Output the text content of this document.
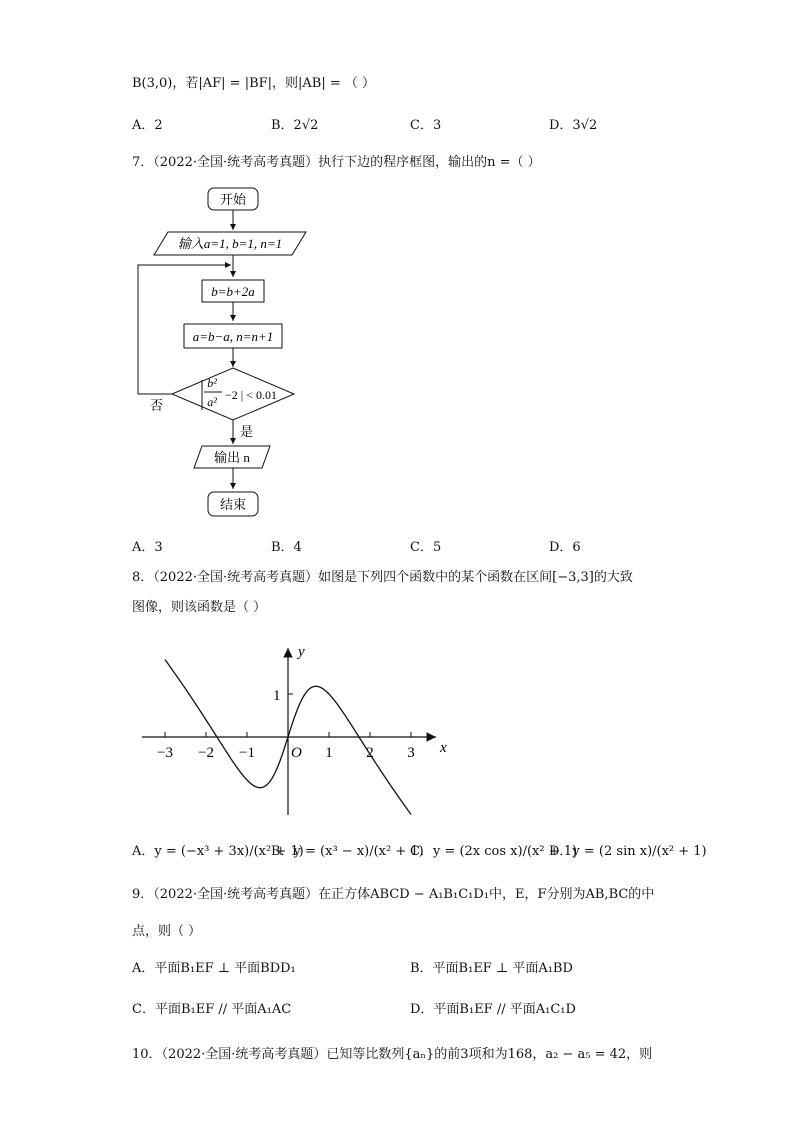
B(3,0)，若|AF| = |BF|，则|AB| = （ ）
A．2	B．2√2	C．3	D．3√2
7．（2022·全国·统考高考真题）执行下边的程序框图，输出的n =（ ）
开始
输入a=1, b=1, n=1
b=b+2a
a=b−a, n=n+1
b²
a² −2 | < 0.01
否
是
输出 n
结束
A．3	B．4	C．5	D．6
8．（2022·全国·统考高考真题）如图是下列四个函数中的某个函数在区间[−3,3]的大致
图像，则该函数是（ ）
y
x
O
1
−3 −2 −1	1 2 3
A．y = (−x³ + 3x)/(x² + 1)
B．y = (x³ − x)/(x² + 1)
C．y = (2x cos x)/(x² + 1)
D．y = (2 sin x)/(x² + 1)
9．（2022·全国·统考高考真题）在正方体ABCD − A₁B₁C₁D₁中，E，F分别为AB,BC的中
点，则（ ）
A．平面B₁EF ⊥ 平面BDD₁	B．平面B₁EF ⊥ 平面A₁BD
C．平面B₁EF // 平面A₁AC	D．平面B₁EF // 平面A₁C₁D
10．（2022·全国·统考高考真题）已知等比数列{aₙ}的前3项和为168，a₂ − a₅ = 42，则
